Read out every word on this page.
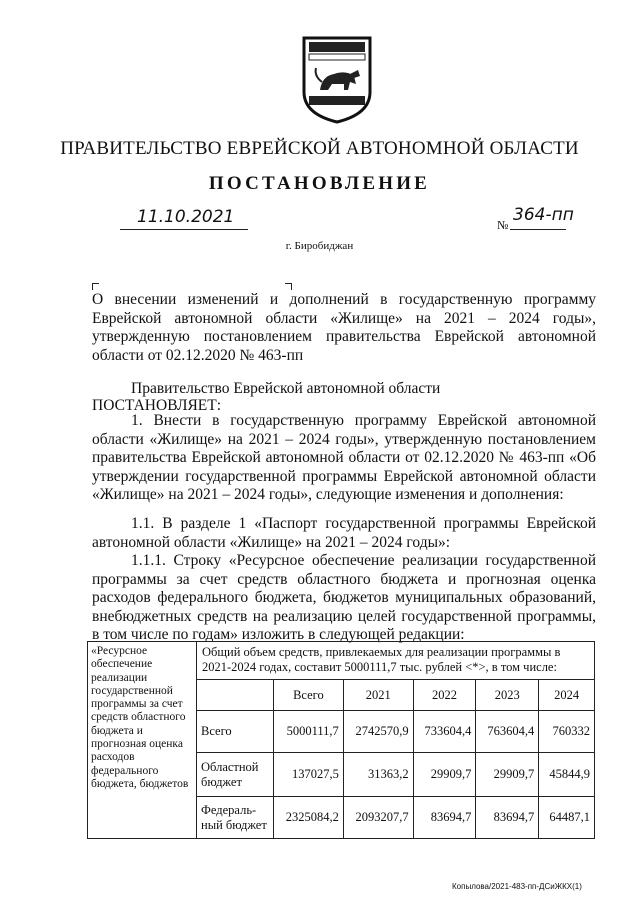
ПРАВИТЕЛЬСТВО ЕВРЕЙСКОЙ АВТОНОМНОЙ ОБЛАСТИ
ПОСТАНОВЛЕНИЕ
11.10.2021	№ 364-пп
г. Биробиджан
О внесении изменений и дополнений в государственную программу Еврейской автономной области «Жилище» на 2021 – 2024 годы», утвержденную постановлением правительства Еврейской автономной области от 02.12.2020 № 463-пп
Правительство Еврейской автономной области
ПОСТАНОВЛЯЕТ:
1. Внести в государственную программу Еврейской автономной области «Жилище» на 2021 – 2024 годы», утвержденную постановлением правительства Еврейской автономной области от 02.12.2020 № 463-пп «Об утверждении государственной программы Еврейской автономной области «Жилище» на 2021 – 2024 годы», следующие изменения и дополнения:
1.1. В разделе 1 «Паспорт государственной программы Еврейской автономной области «Жилище» на 2021 – 2024 годы»:
1.1.1. Строку «Ресурсное обеспечение реализации государственной программы за счет средств областного бюджета и прогнозная оценка расходов федерального бюджета, бюджетов муниципальных образований, внебюджетных средств на реализацию целей государственной программы, в том числе по годам» изложить в следующей редакции:
«Ресурсное обеспечение реализации государственной программы за счет средств областного бюджета и прогнозная оценка расходов федерального бюджета, бюджетов	Общий объем средств, привлекаемых для реализации программы в 2021-2024 годах, составит 5000111,7 тыс. рублей <*>, в том числе:					
		Всего	2021	2022	2023	2024
	Всего	5000111,7	2742570,9	733604,4	763604,4	760332
	Областной бюджет	137027,5	31363,2	29909,7	29909,7	45844,9
	Федераль-ный бюджет	2325084,2	2093207,7	83694,7	83694,7	64487,1
Копылова/2021-483-пп-ДСиЖКХ(1)
